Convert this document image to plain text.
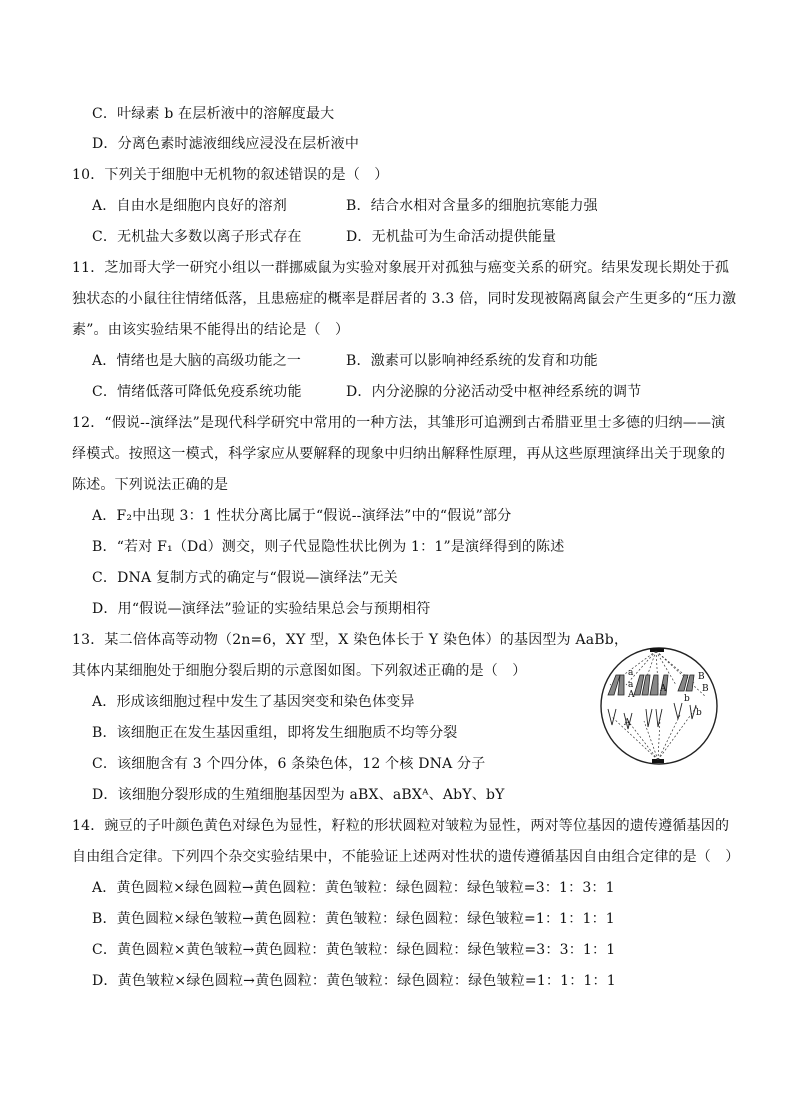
C．叶绿素 b 在层析液中的溶解度最大
D．分离色素时滤液细线应浸没在层析液中
10．下列关于细胞中无机物的叙述错误的是（　）
A．自由水是细胞内良好的溶剂	B．结合水相对含量多的细胞抗寒能力强
C．无机盐大多数以离子形式存在	D．无机盐可为生命活动提供能量
11．芝加哥大学一研究小组以一群挪威鼠为实验对象展开对孤独与癌变关系的研究。结果发现长期处于孤
独状态的小鼠往往情绪低落，且患癌症的概率是群居者的 3.3 倍，同时发现被隔离鼠会产生更多的“压力激
素”。由该实验结果不能得出的结论是（　）
A．情绪也是大脑的高级功能之一	B．激素可以影响神经系统的发育和功能
C．情绪低落可降低免疫系统功能	D．内分泌腺的分泌活动受中枢神经系统的调节
12．“假说--演绎法”是现代科学研究中常用的一种方法，其雏形可追溯到古希腊亚里士多德的归纳——演
绎模式。按照这一模式，科学家应从要解释的现象中归纳出解释性原理，再从这些原理演绎出关于现象的
陈述。下列说法正确的是
A．F₂中出现 3：1 性状分离比属于“假说--演绎法”中的“假说”部分
B．“若对 F₁（Dd）测交，则子代显隐性状比例为 1：1”是演绎得到的陈述
C．DNA 复制方式的确定与“假说—演绎法”无关
D．用“假说—演绎法”验证的实验结果总会与预期相符
13．某二倍体高等动物（2n=6，XY 型，X 染色体长于 Y 染色体）的基因型为 AaBb，
其体内某细胞处于细胞分裂后期的示意图如图。下列叙述正确的是（　）
A．形成该细胞过程中发生了基因突变和染色体变异
B．该细胞正在发生基因重组，即将发生细胞质不均等分裂
C．该细胞含有 3 个四分体，6 条染色体，12 个核 DNA 分子
D．该细胞分裂形成的生殖细胞基因型为 aBX、aBXᴬ、AbY、bY
a
a
A
A
A
B
B
b
b
14．豌豆的子叶颜色黄色对绿色为显性，籽粒的形状圆粒对皱粒为显性，两对等位基因的遗传遵循基因的
自由组合定律。下列四个杂交实验结果中，不能验证上述两对性状的遗传遵循基因自由组合定律的是（　）
A．黄色圆粒×绿色圆粒→黄色圆粒：黄色皱粒：绿色圆粒：绿色皱粒=3：1：3：1
B．黄色圆粒×绿色皱粒→黄色圆粒：黄色皱粒：绿色圆粒：绿色皱粒=1：1：1：1
C．黄色圆粒×黄色皱粒→黄色圆粒：黄色皱粒：绿色圆粒：绿色皱粒=3：3：1：1
D．黄色皱粒×绿色圆粒→黄色圆粒：黄色皱粒：绿色圆粒：绿色皱粒=1：1：1：1
